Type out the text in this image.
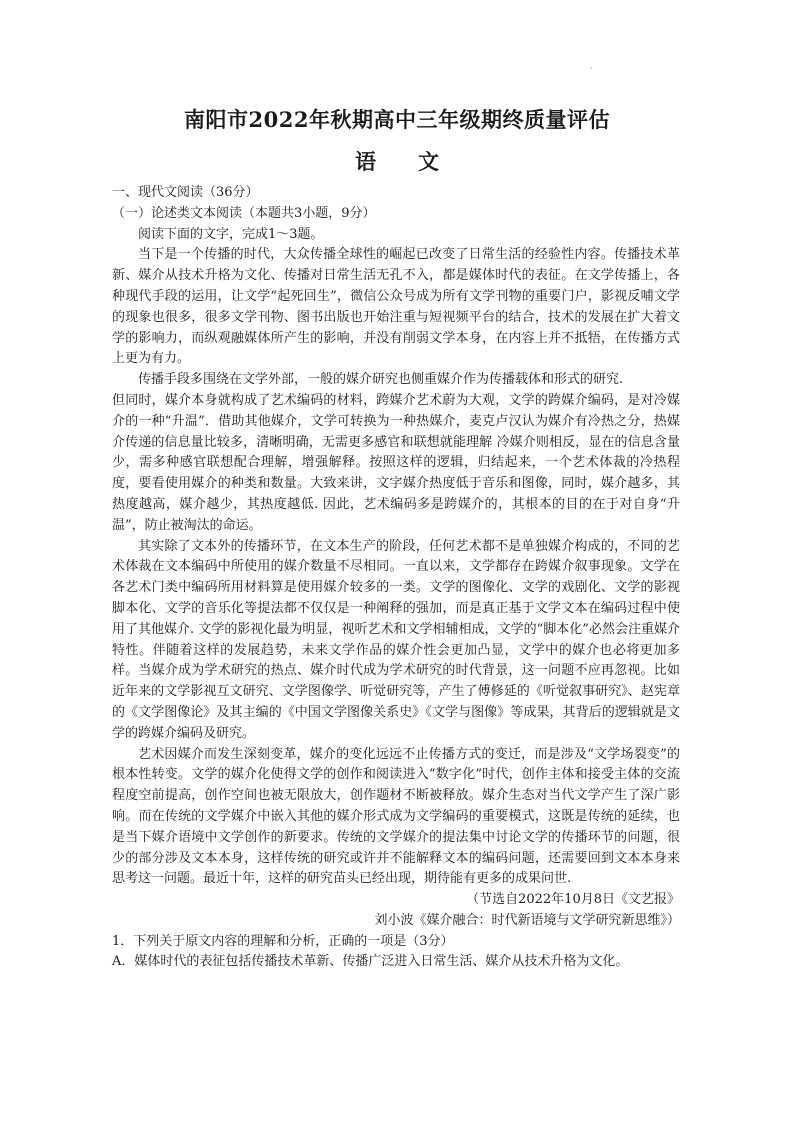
·
南阳市2022年秋期高中三年级期终质量评估
语　　文

一、现代文阅读（36分）

（一）论述类文本阅读（本题共3小题，9分）

阅读下面的文字，完成1～3题。

当下是一个传播的时代，大众传播全球性的崛起已改变了日常生活的经验性内容。传播技术革新、媒介从技术升格为文化、传播对日常生活无孔不入，都是媒体时代的表征。在文学传播上，各种现代手段的运用，让文学“起死回生”，微信公众号成为所有文学刊物的重要门户，影视反哺文学的现象也很多，很多文学刊物、图书出版也开始注重与短视频平台的结合，技术的发展在扩大着文学的影响力，而纵观融媒体所产生的影响，并没有削弱文学本身，在内容上并不抵牾，在传播方式上更为有力。

传播手段多围绕在文学外部，一般的媒介研究也侧重媒介作为传播载体和形式的研究.

但同时，媒介本身就构成了艺术编码的材料，跨媒介艺术蔚为大观，文学的跨媒介编码，是对冷媒介的一种“升温”．借助其他媒介，文学可转换为一种热媒介，麦克卢汉认为媒介有冷热之分，热媒介传递的信息量比较多，清晰明确，无需更多感官和联想就能理解 冷媒介则相反，显在的信息含量少，需多种感官联想配合理解，增强解释。按照这样的逻辑，归结起来，一个艺术体裁的冷热程度，要看使用媒介的种类和数量。大致来讲，文字媒介热度低于音乐和图像，同时，媒介越多，其热度越高，媒介越少，其热度越低. 因此，艺术编码多是跨媒介的，其根本的目的在于对自身“升温”，防止被淘汰的命运。

其实除了文本外的传播环节，在文本生产的阶段，任何艺术都不是单独媒介构成的，不同的艺术体裁在文本编码中所使用的媒介数量不尽相同。一直以来，文学都存在跨媒介叙事现象。文学在各艺术门类中编码所用材料算是使用媒介较多的一类。文学的图像化、文学的戏剧化、文学的影视脚本化、文学的音乐化等提法都不仅仅是一种阐释的强加，而是真正基于文学文本在编码过程中使用了其他媒介. 文学的影视化最为明显，视听艺术和文学相辅相成，文学的“脚本化”必然会注重媒介特性。伴随着这样的发展趋势，未来文学作品的媒介性会更加凸显，文学中的媒介也必将更加多样。当媒介成为学术研究的热点、媒介时代成为学术研究的时代背景，这一问题不应再忽视。比如近年来的文学影视互文研究、文学图像学、听觉研究等，产生了傅修延的《听觉叙事研究》、赵宪章的《文学图像论》及其主编的《中国文学图像关系史》《文学与图像》等成果，其背后的逻辑就是文学的跨媒介编码及研究。

艺术因媒介而发生深刻变革，媒介的变化远远不止传播方式的变迁，而是涉及“文学场裂变”的根本性转变。文学的媒介化使得文学的创作和阅读进入“数字化”时代，创作主体和接受主体的交流程度空前提高，创作空间也被无限放大，创作题材不断被释放。媒介生态对当代文学产生了深广影响。而在传统的文学媒介中嵌入其他的媒介形式成为文学编码的重要模式，这既是传统的延续，也是当下媒介语境中文学创作的新要求。传统的文学媒介的提法集中讨论文学的传播环节的问题，很少的部分涉及文本本身，这样传统的研究或许并不能解释文本的编码问题，还需要回到文本本身来思考这一问题。最近十年，这样的研究苗头已经出现，期待能有更多的成果问世.

（节选自2022年10月8日《文艺报》

刘小波《媒介融合：时代新语境与文学研究新思维》）

1．下列关于原文内容的理解和分析，正确的一项是（3分）

A．媒体时代的表征包括传播技术革新、传播广泛进入日常生活、媒介从技术升格为文化。
